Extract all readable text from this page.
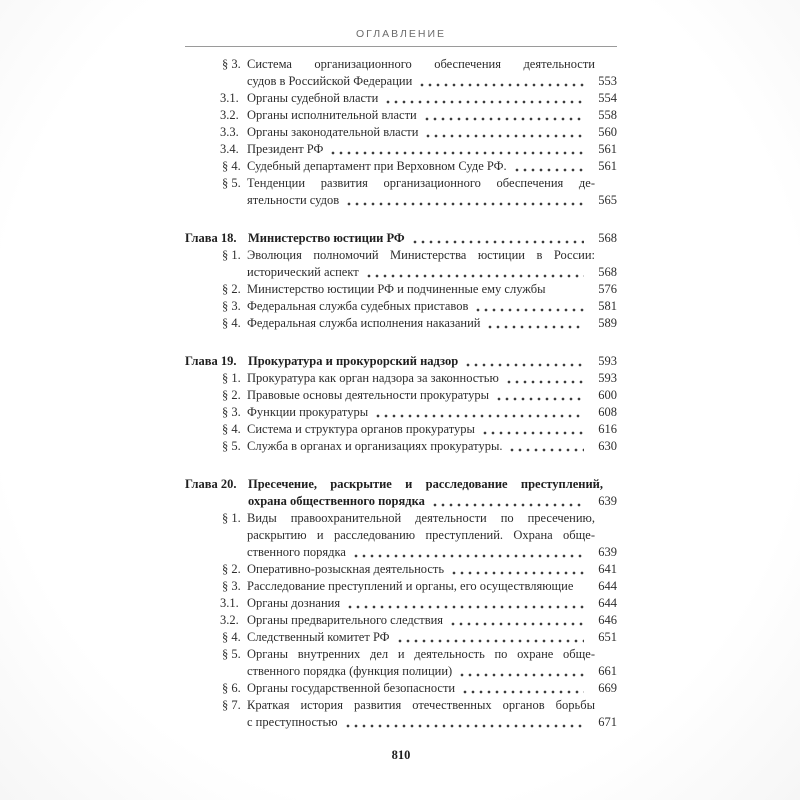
ОГЛАВЛЕНИЕ
§ 3. Система организационного обеспечения деятельности
судов в Российской Федерации	553
3.1. Органы судебной власти	554
3.2. Органы исполнительной власти	558
3.3. Органы законодательной власти	560
3.4. Президент РФ	561
§ 4. Судебный департамент при Верховном Суде РФ.	561
§ 5. Тенденции развития организационного обеспечения де-
ятельности судов	565
Глава 18. Министерство юстиции РФ	568
§ 1. Эволюция полномочий Министерства юстиции в России:
исторический аспект	568
§ 2. Министерство юстиции РФ и подчиненные ему службы	576
§ 3. Федеральная служба судебных приставов	581
§ 4. Федеральная служба исполнения наказаний	589
Глава 19. Прокуратура и прокурорский надзор	593
§ 1. Прокуратура как орган надзора за законностью	593
§ 2. Правовые основы деятельности прокуратуры	600
§ 3. Функции прокуратуры	608
§ 4. Система и структура органов прокуратуры	616
§ 5. Служба в органах и организациях прокуратуры.	630
Глава 20. Пресечение, раскрытие и расследование преступлений,
охрана общественного порядка	639
§ 1. Виды правоохранительной деятельности по пресечению,
раскрытию и расследованию преступлений. Охрана обще-
ственного порядка	639
§ 2. Оперативно-розыскная деятельность	641
§ 3. Расследование преступлений и органы, его осуществляющие	644
3.1. Органы дознания	644
3.2. Органы предварительного следствия	646
§ 4. Следственный комитет РФ	651
§ 5. Органы внутренних дел и деятельность по охране обще-
ственного порядка (функция полиции)	661
§ 6. Органы государственной безопасности	669
§ 7. Краткая история развития отечественных органов борьбы
с преступностью	671
810
